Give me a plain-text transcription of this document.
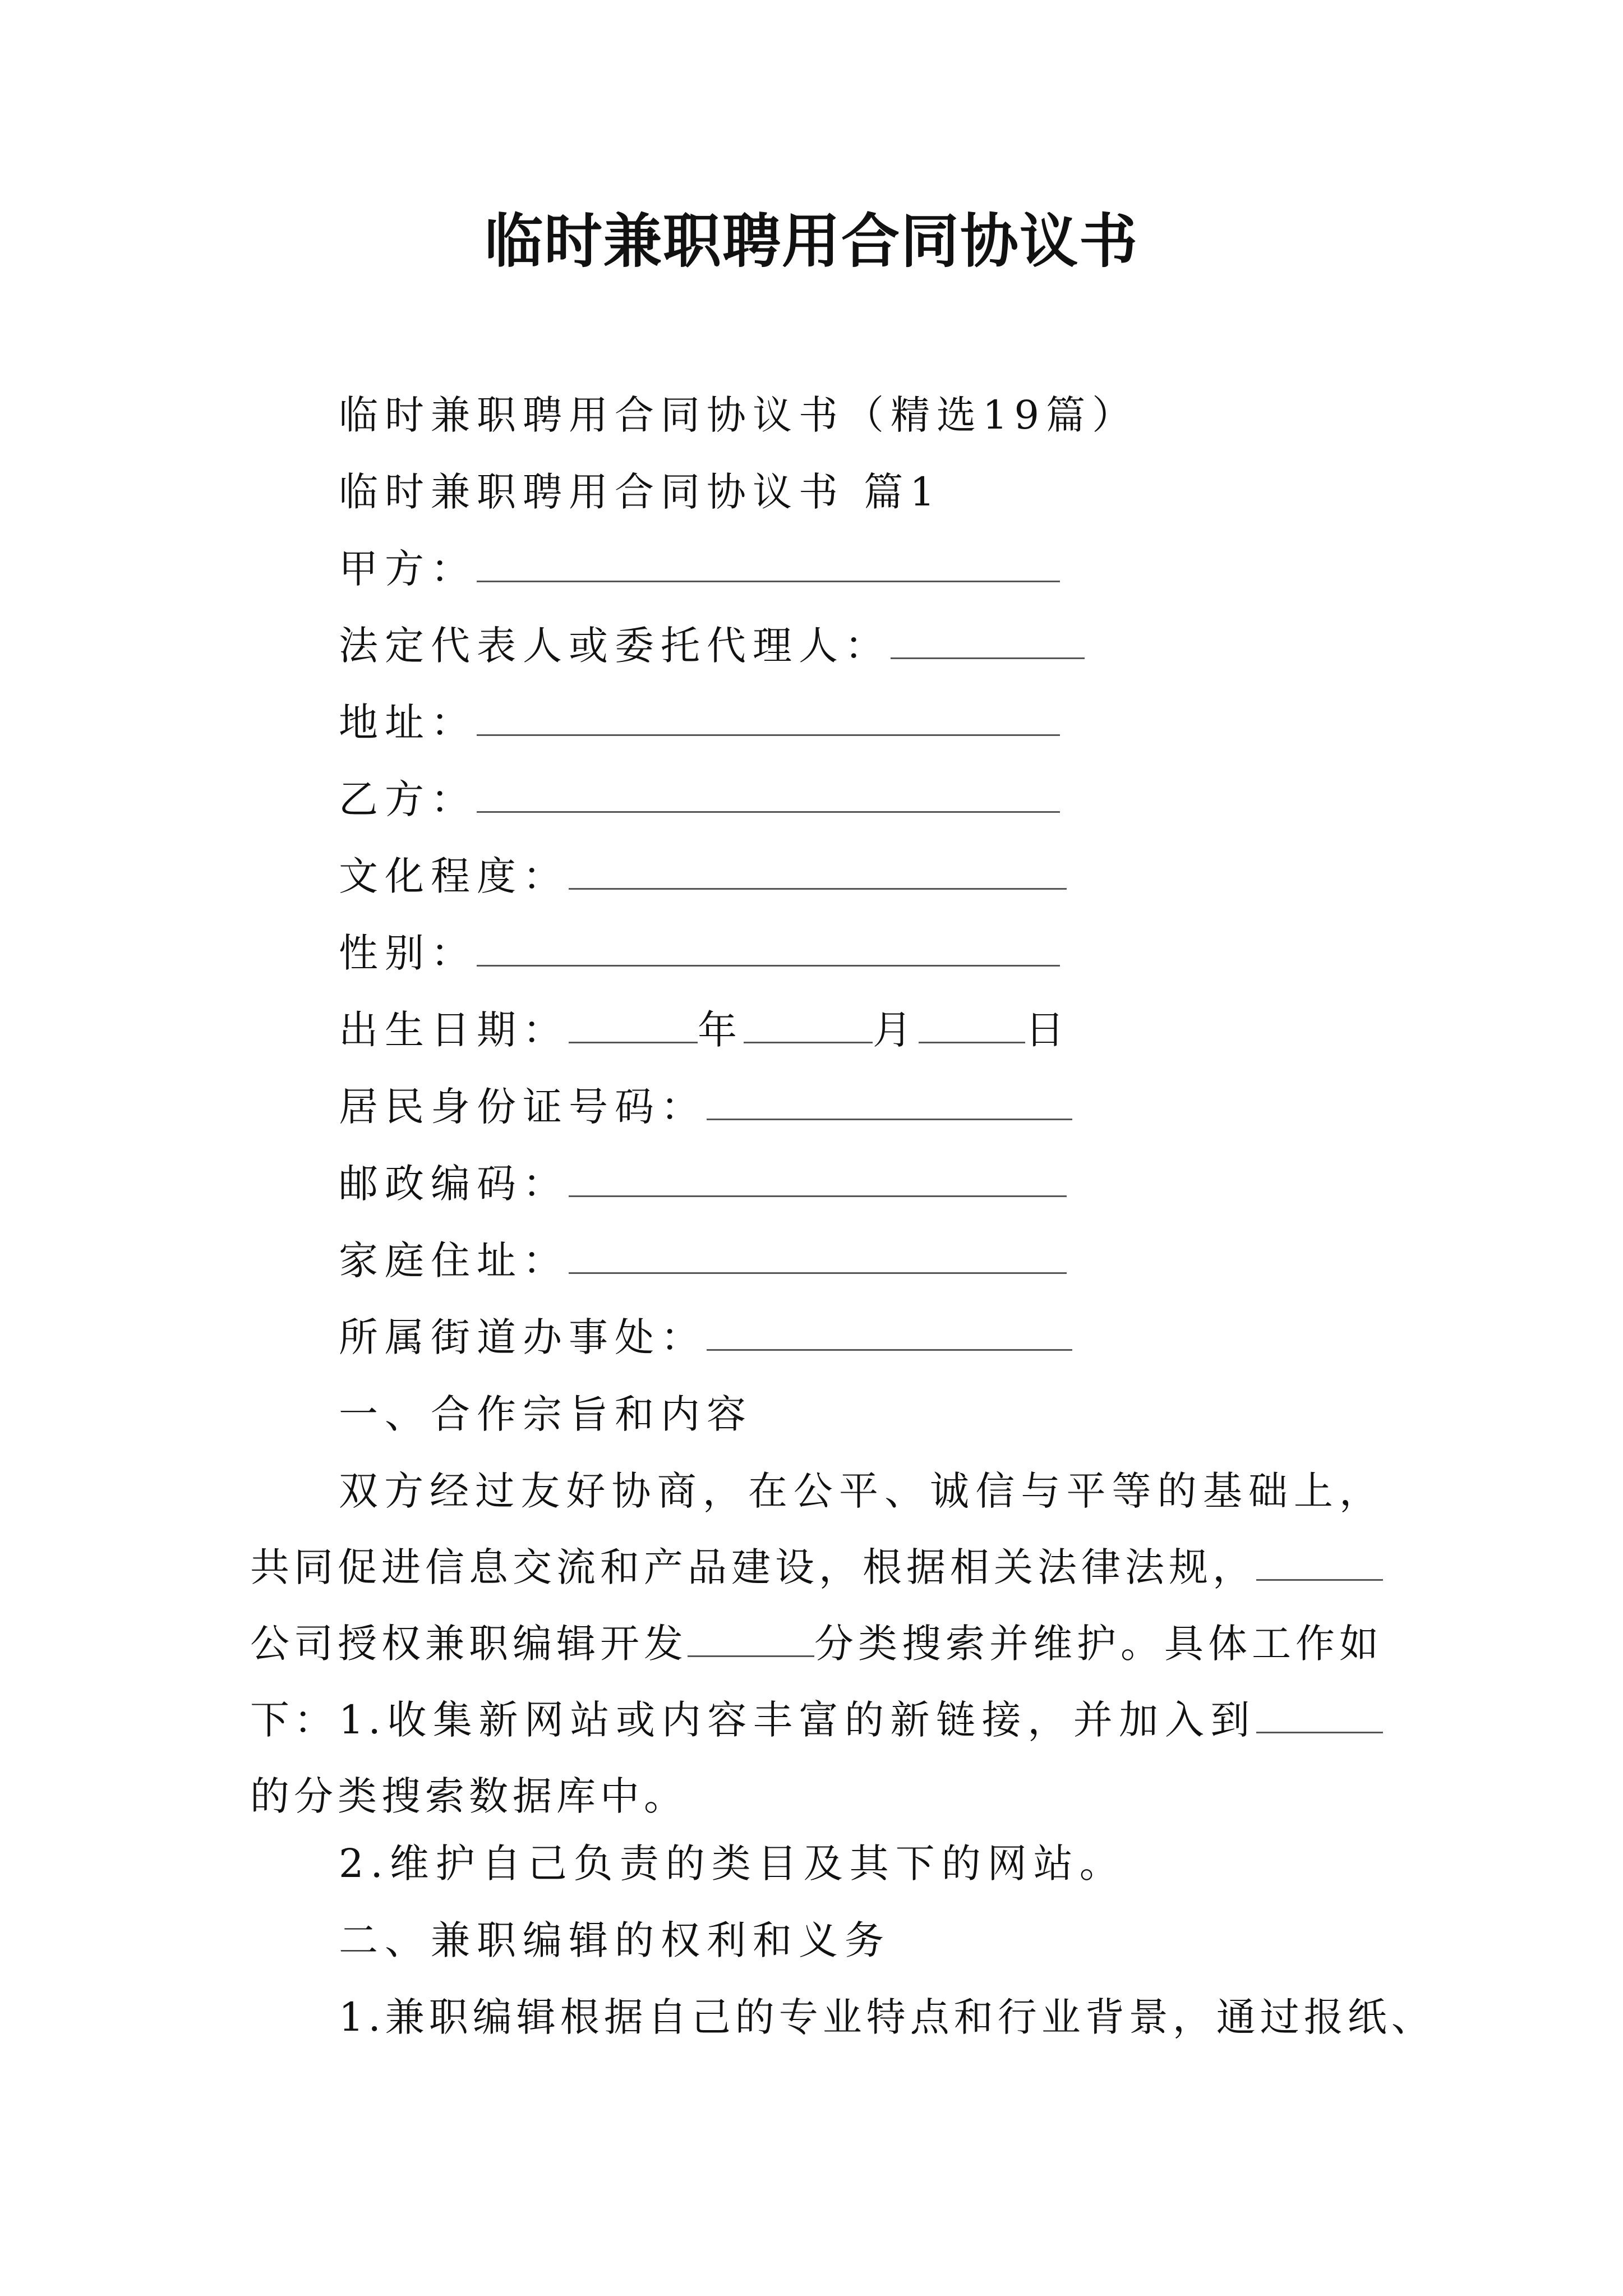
临时兼职聘用合同协议书
临时兼职聘用合同协议书（精选19篇）
临时兼职聘用合同协议书 篇1
甲方：
法定代表人或委托代理人：
地址：
乙方：
文化程度：
性别：
出生日期：	年	月	日
居民身份证号码：
邮政编码：
家庭住址：
所属街道办事处：
一、合作宗旨和内容
双方经过友好协商，在公平、诚信与平等的基础上，共同促进信息交流和产品建设，根据相关法律法规，公司授权兼职编辑开发	分类搜索并维护。具体工作如下： 1.收集新网站或内容丰富的新链接，并加入到的分类搜索数据库中。
2.维护自己负责的类目及其下的网站。
二、兼职编辑的权利和义务
1.兼职编辑根据自己的专业特点和行业背景，通过报纸、
